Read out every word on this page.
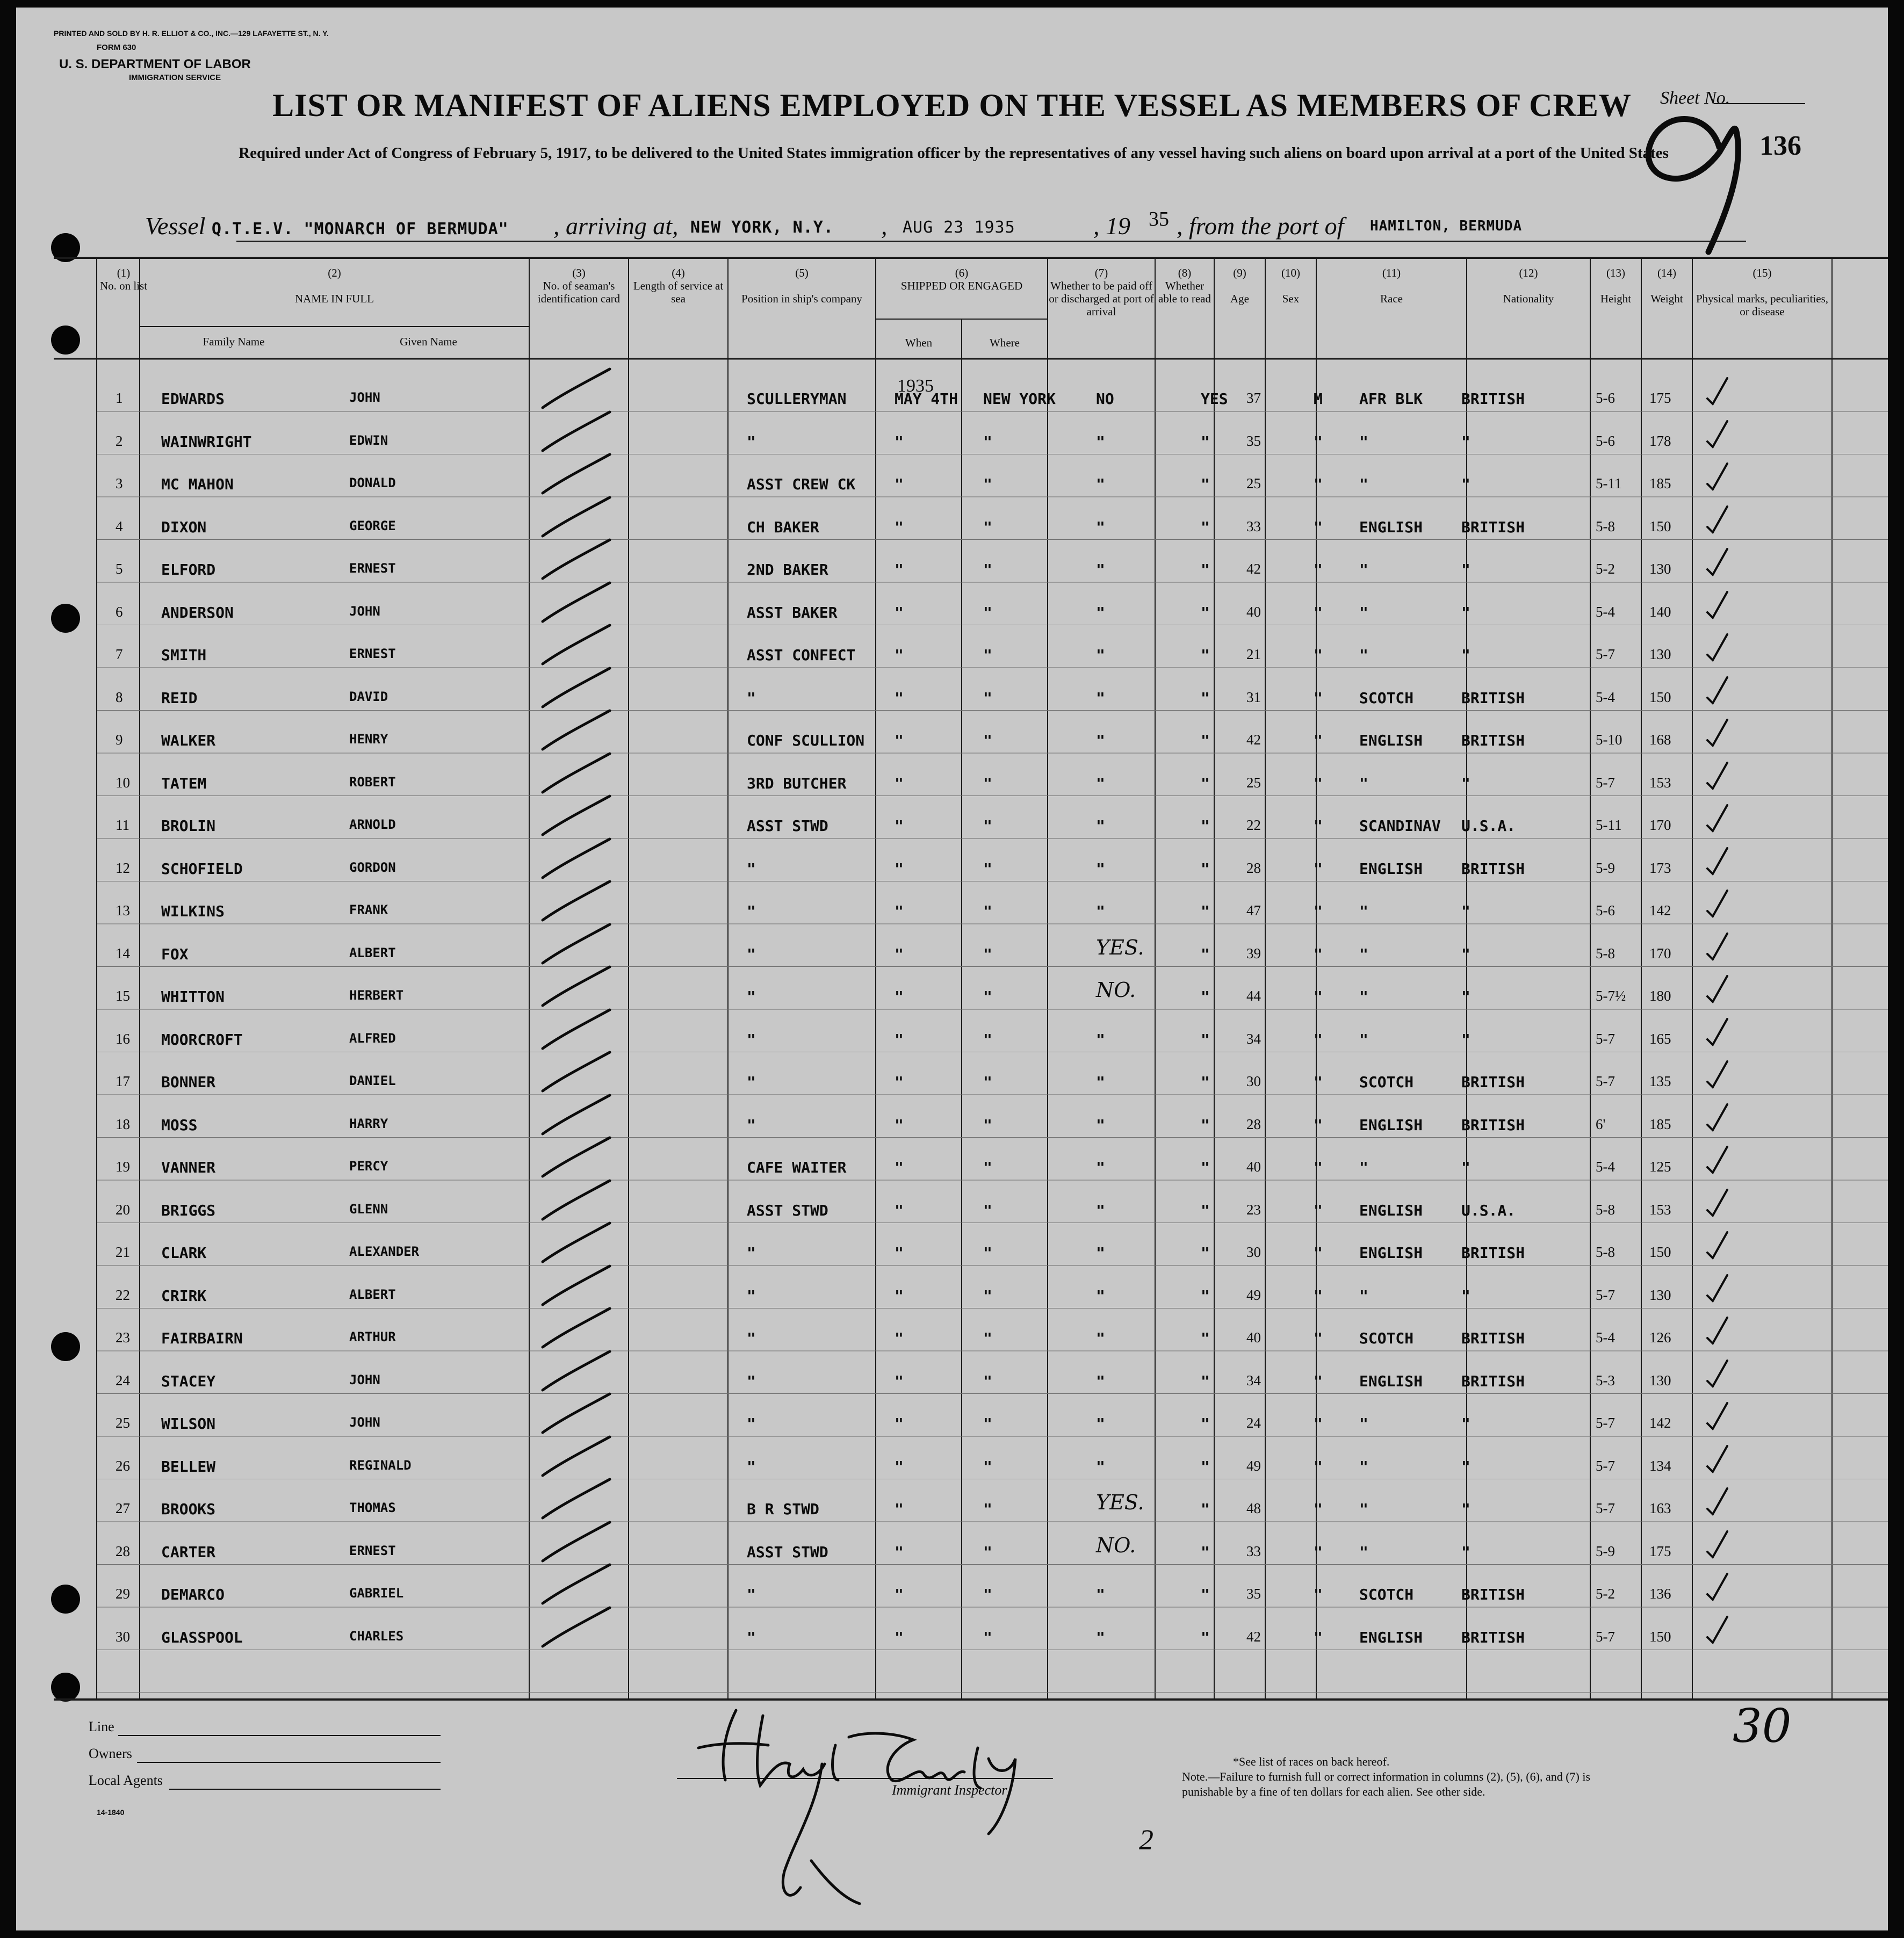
PRINTED AND SOLD BY H. R. ELLIOT & CO., INC.—129 LAFAYETTE ST., N. Y.
FORM 630
U. S. DEPARTMENT OF LABOR
IMMIGRATION SERVICE
Sheet No.
LIST OR MANIFEST OF ALIENS EMPLOYED ON THE VESSEL AS MEMBERS OF CREW
Required under Act of Congress of February 5, 1917, to be delivered to the United States immigration officer by the representatives of any vessel having such aliens on board upon arrival at a port of the United States	136
Vessel Q.T.E.V. "MONARCH OF BERMUDA" , arriving at, NEW YORK, N.Y. , AUG 23 1935	, 19 35 , from the port of HAMILTON, BERMUDA
(1)
No. on list
(2)

NAME IN FULL
Family Name	Given Name
(3)
No. of seaman's identification card
(4)
Length of service at sea
(5)

Position in ship's company
(6)
SHIPPED OR ENGAGED
When	Where
(7)
Whether to be paid off or discharged at port of arrival
(8)
Whether able to read
(9)

Age
(10)

Sex
(11)

Race
(12)

Nationality
(13)

Height
(14)

Weight
(15)

Physical marks, peculiarities, or disease
1935
1	EDWARDS	JOHN	SCULLERYMAN	MAY 4TH NEW YORK	NO	YES 37	M AFR BLK	BRITISH	5-6 175
2	WAINWRIGHT	EDWIN	"	"	"	"	"	35	" "	"	5-6 178
3	MC MAHON	DONALD	ASST CREW CK	"	"	"	"	25	" "	"	5-11 185
4	DIXON	GEORGE	CH BAKER	"	"	"	"	33	" ENGLISH	BRITISH	5-8 150
5	ELFORD	ERNEST	2ND BAKER	"	"	"	"	42	" "	"	5-2 130
6	ANDERSON	JOHN	ASST BAKER	"	"	"	"	40	" "	"	5-4 140
7	SMITH	ERNEST	ASST CONFECT	"	"	"	"	21	" "	"	5-7 130
8	REID	DAVID	"	"	"	"	"	31	" SCOTCH	BRITISH	5-4 150
9	WALKER	HENRY	CONF SCULLION "	"	"	"	42	" ENGLISH	BRITISH	5-10 168
10 TATEM	ROBERT	3RD BUTCHER	"	"	"	"	25	" "	"	5-7 153
11 BROLIN	ARNOLD	ASST STWD	"	"	"	"	22	" SCANDINAV U.S.A.	5-11 170
12 SCHOFIELD	GORDON	"	"	"	"	"	28	" ENGLISH	BRITISH	5-9 173
13 WILKINS	FRANK	"	"	"	"	"	47	" "	"	5-6 142
14 FOX	ALBERT	"	"	"	YES.	"	39	" "	"	5-8 170
15 WHITTON	HERBERT	"	"	"	NO.	"	44	" "	"	5-7½ 180
16 MOORCROFT	ALFRED	"	"	"	"	"	34	" "	"	5-7 165
17 BONNER	DANIEL	"	"	"	"	"	30	" SCOTCH	BRITISH	5-7 135
18 MOSS	HARRY	"	"	"	"	"	28	" ENGLISH	BRITISH	6'	185
19 VANNER	PERCY	CAFE WAITER	"	"	"	"	40	" "	"	5-4 125
20 BRIGGS	GLENN	ASST STWD	"	"	"	"	23	" ENGLISH	U.S.A.	5-8 153
21 CLARK	ALEXANDER	"	"	"	"	"	30	" ENGLISH	BRITISH	5-8 150
22 CRIRK	ALBERT	"	"	"	"	"	49	" "	"	5-7 130
23 FAIRBAIRN	ARTHUR	"	"	"	"	"	40	" SCOTCH	BRITISH	5-4 126
24 STACEY	JOHN	"	"	"	"	"	34	" ENGLISH	BRITISH	5-3 130
25 WILSON	JOHN	"	"	"	"	"	24	" "	"	5-7 142
26 BELLEW	REGINALD	"	"	"	"	"	49	" "	"	5-7 134
27 BROOKS	THOMAS	B R STWD	"	"	YES.	"	48	" "	"	5-7 163
28 CARTER	ERNEST	ASST STWD	"	"	NO.	"	33	" "	"	5-9 175
29 DEMARCO	GABRIEL	"	"	"	"	"	35	" SCOTCH	BRITISH	5-2 136
30 GLASSPOOL	CHARLES	"	"	"	"	"	42	" ENGLISH	BRITISH	5-7 150
Line
Owners
Local Agents
Immigrant Inspector
*See list of races on back hereof.
Note.—Failure to furnish full or correct information in columns (2), (5), (6), and (7) is punishable by a fine of ten dollars for each alien. See other side.
14-1840
30
2
